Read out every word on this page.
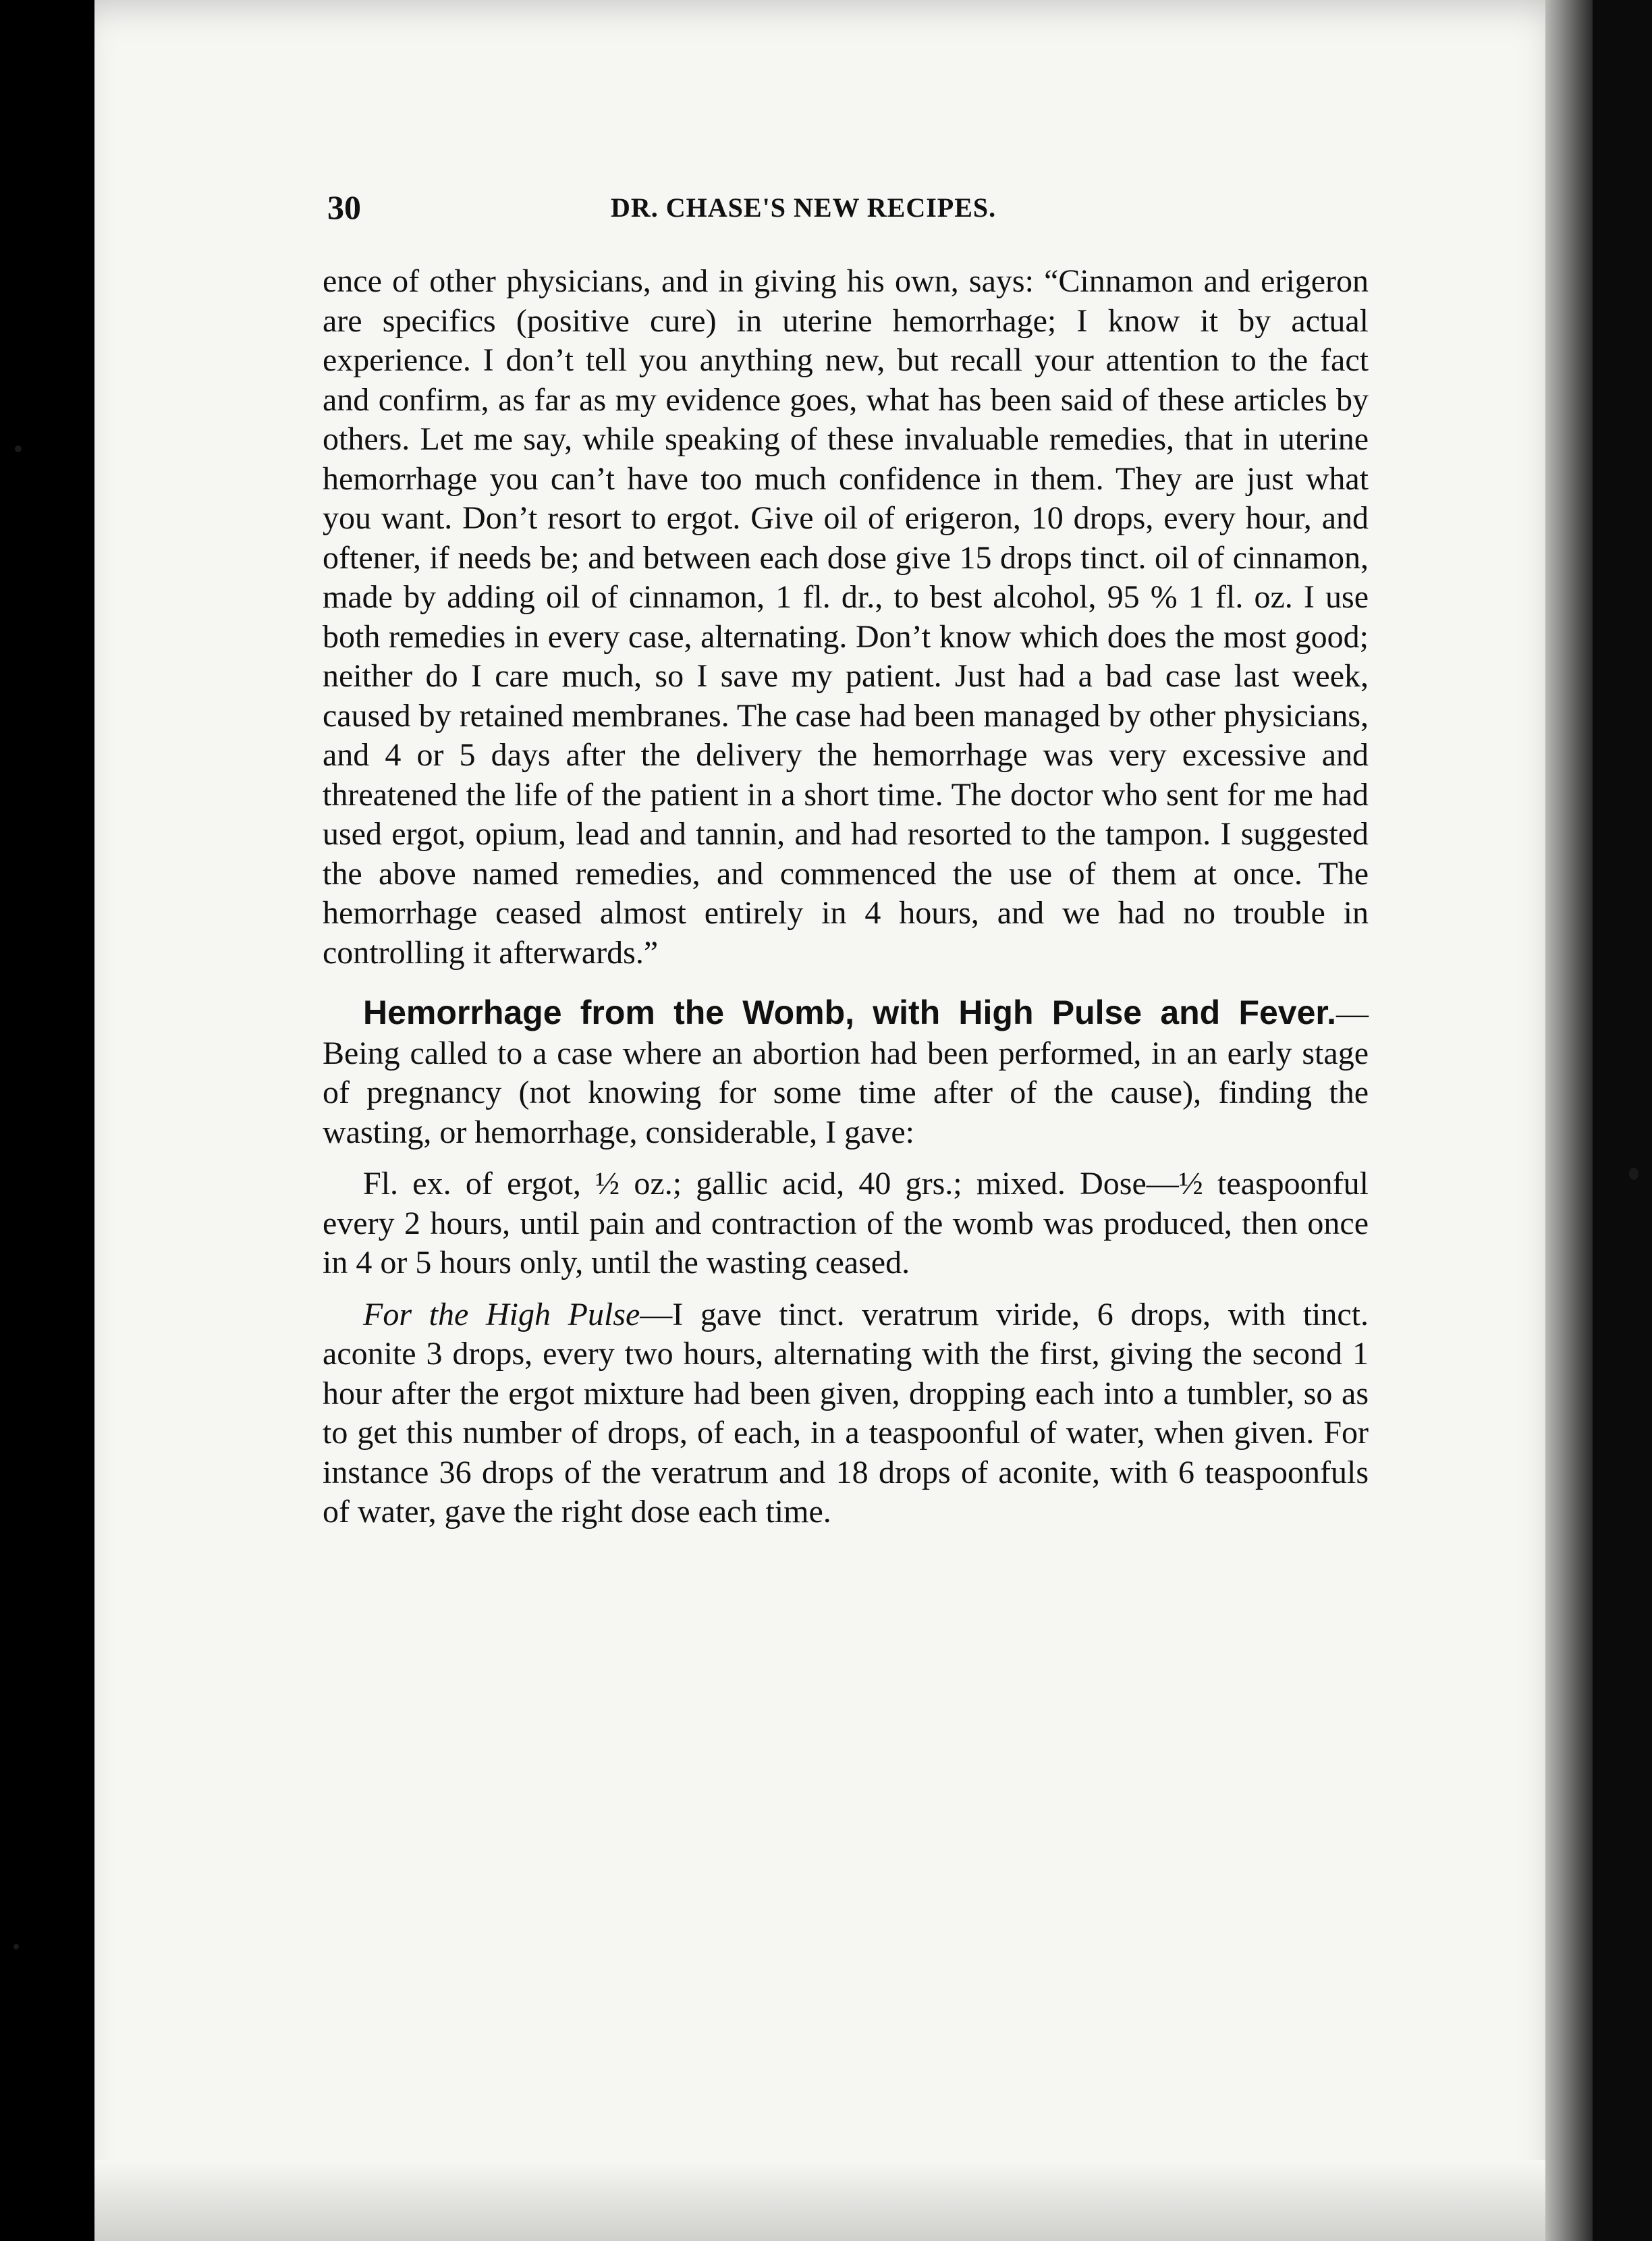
30	DR. CHASE'S NEW RECIPES.

ence of other physicians, and in giving his own, says: “Cinnamon and erigeron are specifics (positive cure) in uterine hemorrhage; I know it by actual experience. I don’t tell you anything new, but recall your attention to the fact and confirm, as far as my evidence goes, what has been said of these articles by others. Let me say, while speaking of these invaluable remedies, that in uterine hemorrhage you can’t have too much confidence in them. They are just what you want. Don’t resort to ergot. Give oil of erigeron, 10 drops, every hour, and oftener, if needs be; and between each dose give 15 drops tinct. oil of cinnamon, made by adding oil of cinnamon, 1 fl. dr., to best alcohol, 95 % 1 fl. oz. I use both remedies in every case, alternating. Don’t know which does the most good; neither do I care much, so I save my patient. Just had a bad case last week, caused by retained membranes. The case had been managed by other physicians, and 4 or 5 days after the delivery the hemorrhage was very excessive and threatened the life of the patient in a short time. The doctor who sent for me had used ergot, opium, lead and tannin, and had resorted to the tampon. I suggested the above named remedies, and commenced the use of them at once. The hemorrhage ceased almost entirely in 4 hours, and we had no trouble in controlling it afterwards.”

Hemorrhage from the Womb, with High Pulse and Fever.—Being called to a case where an abortion had been performed, in an early stage of pregnancy (not knowing for some time after of the cause), finding the wasting, or hemorrhage, considerable, I gave:

Fl. ex. of ergot, ½ oz.; gallic acid, 40 grs.; mixed. Dose—½ teaspoonful every 2 hours, until pain and contraction of the womb was produced, then once in 4 or 5 hours only, until the wasting ceased.

For the High Pulse—I gave tinct. veratrum viride, 6 drops, with tinct. aconite 3 drops, every two hours, alternating with the first, giving the second 1 hour after the ergot mixture had been given, dropping each into a tumbler, so as to get this number of drops, of each, in a teaspoonful of water, when given. For instance 36 drops of the veratrum and 18 drops of aconite, with 6 teaspoonfuls of water, gave the right dose each time.
